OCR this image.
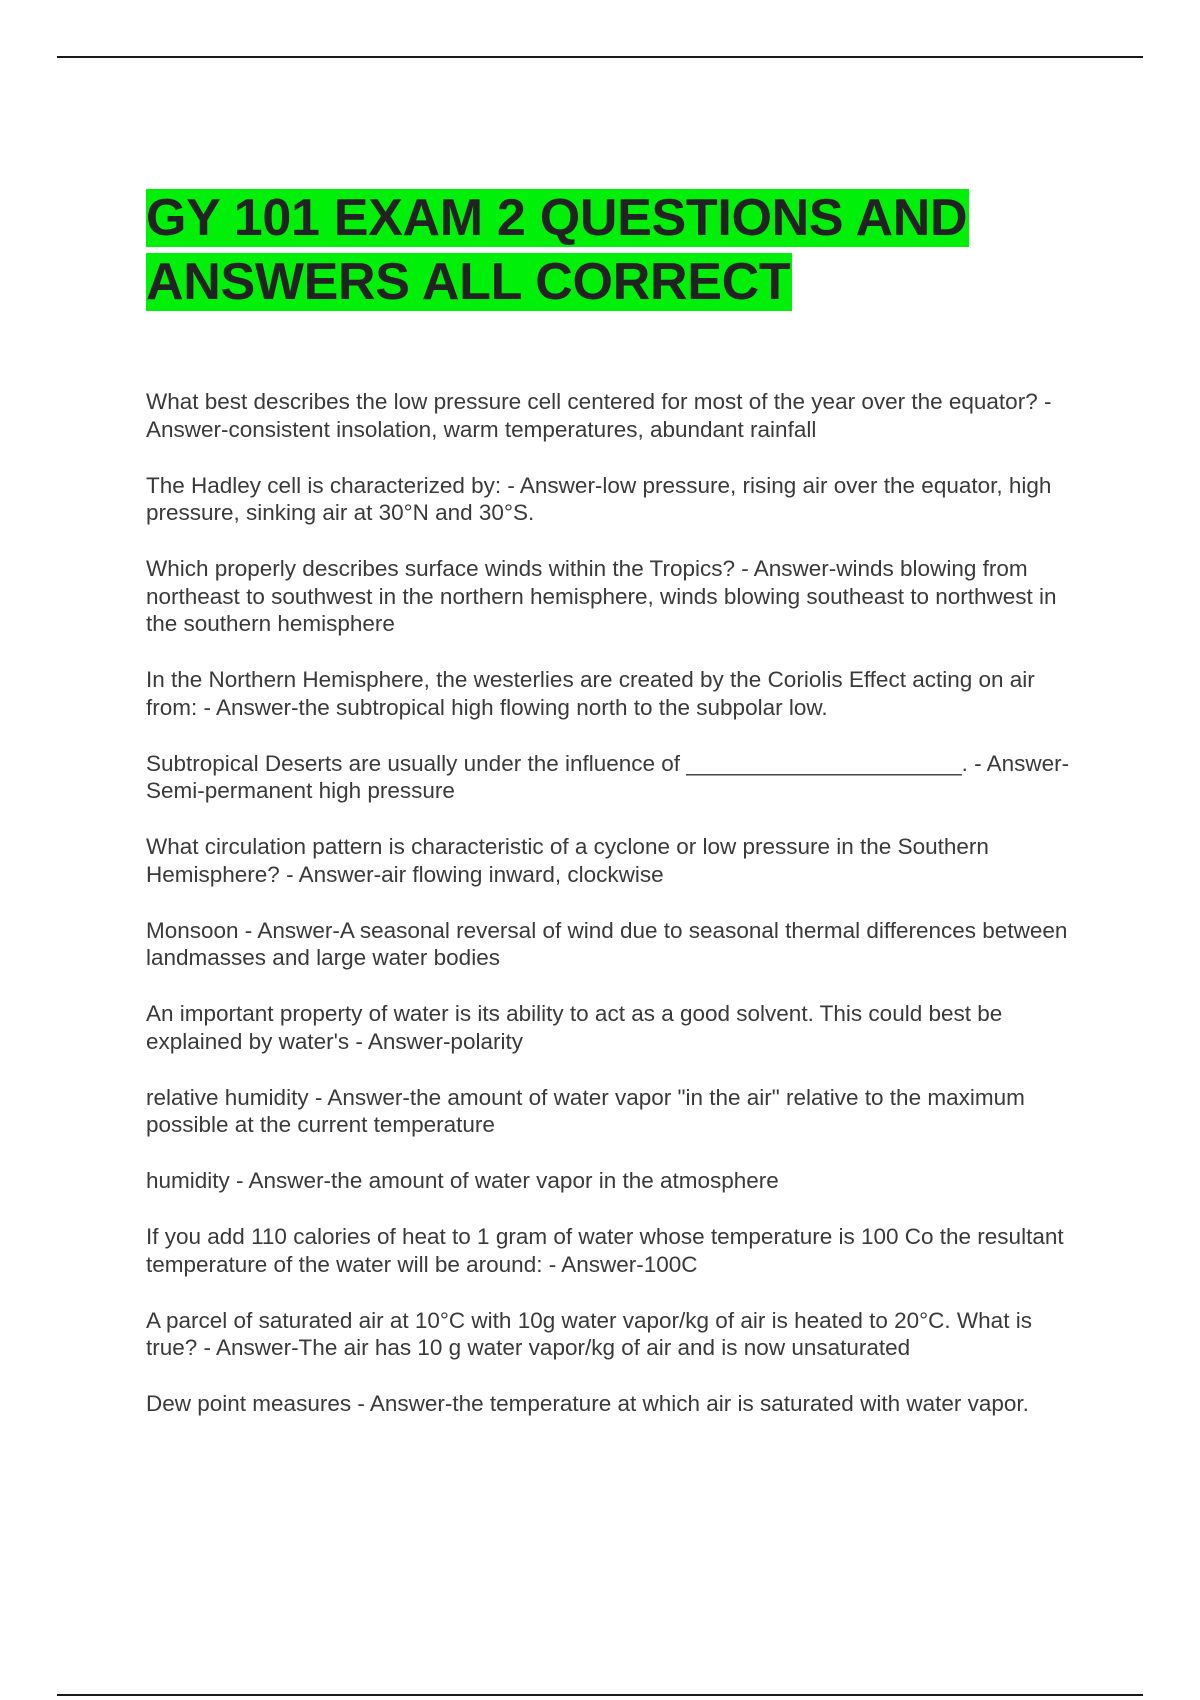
GY 101 EXAM 2 QUESTIONS AND ANSWERS ALL CORRECT
What best describes the low pressure cell centered for most of the year over the equator? - Answer-consistent insolation, warm temperatures, abundant rainfall
The Hadley cell is characterized by: - Answer-low pressure, rising air over the equator, high pressure, sinking air at 30°N and 30°S.
Which properly describes surface winds within the Tropics? - Answer-winds blowing from northeast to southwest in the northern hemisphere, winds blowing southeast to northwest in the southern hemisphere
In the Northern Hemisphere, the westerlies are created by the Coriolis Effect acting on air from: - Answer-the subtropical high flowing north to the subpolar low.
Subtropical Deserts are usually under the influence of ______________________. - Answer-Semi-permanent high pressure
What circulation pattern is characteristic of a cyclone or low pressure in the Southern Hemisphere? - Answer-air flowing inward, clockwise
Monsoon - Answer-A seasonal reversal of wind due to seasonal thermal differences between landmasses and large water bodies
An important property of water is its ability to act as a good solvent. This could best be explained by water's - Answer-polarity
relative humidity - Answer-the amount of water vapor "in the air" relative to the maximum possible at the current temperature
humidity - Answer-the amount of water vapor in the atmosphere
If you add 110 calories of heat to 1 gram of water whose temperature is 100 Co the resultant temperature of the water will be around: - Answer-100C
A parcel of saturated air at 10°C with 10g water vapor/kg of air is heated to 20°C. What is true? - Answer-The air has 10 g water vapor/kg of air and is now unsaturated
Dew point measures - Answer-the temperature at which air is saturated with water vapor.
